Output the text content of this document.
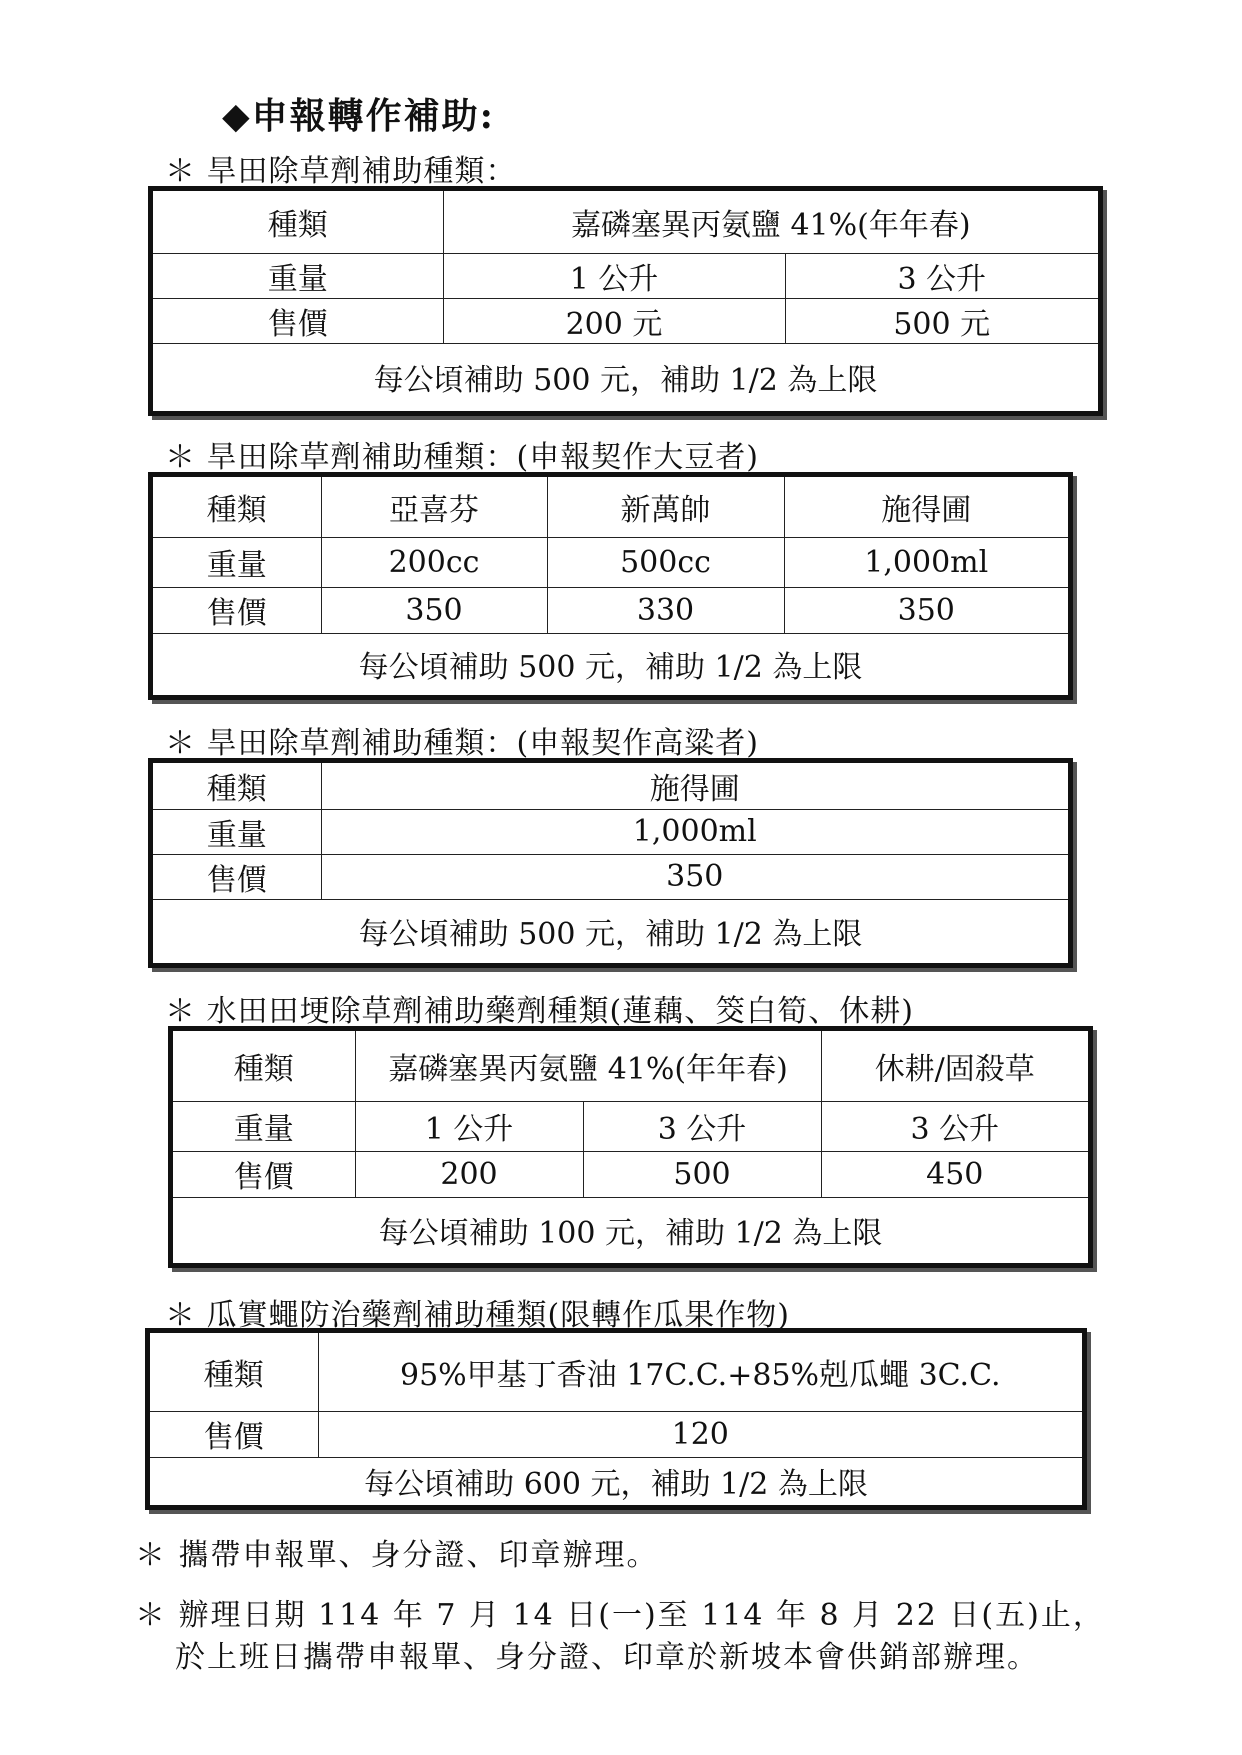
◆申報轉作補助:
＊ 旱田除草劑補助種類：
種類	嘉磷塞異丙氨鹽 41%(年年春)	
重量	1 公升	3 公升
售價	200 元	500 元
每公頃補助 500 元，補助 1/2 為上限		
＊ 旱田除草劑補助種類：(申報契作大豆者)
種類	亞喜芬	新萬帥	施得圃
重量	200cc	500cc	1,000ml
售價	350	330	350
每公頃補助 500 元，補助 1/2 為上限			
＊ 旱田除草劑補助種類：(申報契作高粱者)
種類	施得圃
重量	1,000ml
售價	350
每公頃補助 500 元，補助 1/2 為上限	
＊ 水田田埂除草劑補助藥劑種類(蓮藕、筊白筍、休耕)
種類	嘉磷塞異丙氨鹽 41%(年年春)		休耕/固殺草
重量	1 公升	3 公升	3 公升
售價	200	500	450
每公頃補助 100 元，補助 1/2 為上限			
＊ 瓜實蠅防治藥劑補助種類(限轉作瓜果作物)
種類	95%甲基丁香油 17C.C.+85%剋瓜蠅 3C.C.
售價	120
每公頃補助 600 元，補助 1/2 為上限	
＊ 攜帶申報單、身分證、印章辦理。
＊ 辦理日期 114 年 7 月 14 日(一)至 114 年 8 月 22 日(五)止，
於上班日攜帶申報單、身分證、印章於新坡本會供銷部辦理。
